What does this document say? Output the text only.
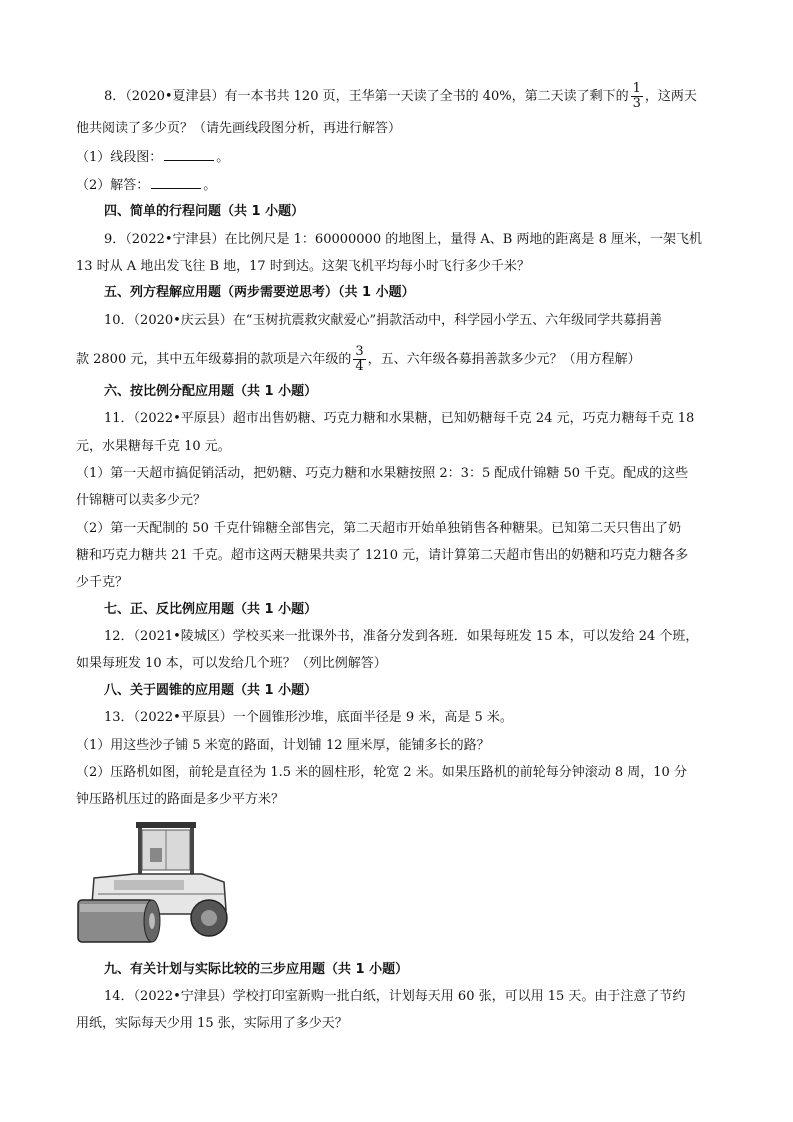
8．（2020•夏津县）有一本书共 120 页，王华第一天读了全书的 40%，第二天读了剩下的 $\frac{1}{3}$ ，这两天
他共阅读了多少页？（请先画线段图分析，再进行解答）
（1）线段图：	。
（2）解答：	。
四、简单的行程问题（共 1 小题）
9．（2022•宁津县）在比例尺是 1：60000000 的地图上，量得 A、B 两地的距离是 8 厘米，一架飞机
13 时从 A 地出发飞往 B 地，17 时到达。这架飞机平均每小时飞行多少千米？
五、列方程解应用题（两步需要逆思考）（共 1 小题）
10．（2020•庆云县）在“玉树抗震救灾献爱心”捐款活动中，科学园小学五、六年级同学共募捐善
款 2800 元，其中五年级募捐的款项是六年级的 $\frac{3}{4}$ ，五、六年级各募捐善款多少元？（用方程解）
六、按比例分配应用题（共 1 小题）
11．（2022•平原县）超市出售奶糖、巧克力糖和水果糖，已知奶糖每千克 24 元，巧克力糖每千克 18
元，水果糖每千克 10 元。
（1）第一天超市搞促销活动，把奶糖、巧克力糖和水果糖按照 2：3：5 配成什锦糖 50 千克。配成的这些
什锦糖可以卖多少元？
（2）第一天配制的 50 千克什锦糖全部售完，第二天超市开始单独销售各种糖果。已知第二天只售出了奶
糖和巧克力糖共 21 千克。超市这两天糖果共卖了 1210 元，请计算第二天超市售出的奶糖和巧克力糖各多
少千克？
七、正、反比例应用题（共 1 小题）
12．（2021•陵城区）学校买来一批课外书，准备分发到各班．如果每班发 15 本，可以发给 24 个班，
如果每班发 10 本，可以发给几个班？（列比例解答）
八、关于圆锥的应用题（共 1 小题）
13．（2022•平原县）一个圆锥形沙堆，底面半径是 9 米，高是 5 米。
（1）用这些沙子铺 5 米宽的路面，计划铺 12 厘米厚，能铺多长的路？
（2）压路机如图，前轮是直径为 1.5 米的圆柱形，轮宽 2 米。如果压路机的前轮每分钟滚动 8 周，10 分
钟压路机压过的路面是多少平方米？
九、有关计划与实际比较的三步应用题（共 1 小题）
14．（2022•宁津县）学校打印室新购一批白纸，计划每天用 60 张，可以用 15 天。由于注意了节约
用纸，实际每天少用 15 张，实际用了多少天？
